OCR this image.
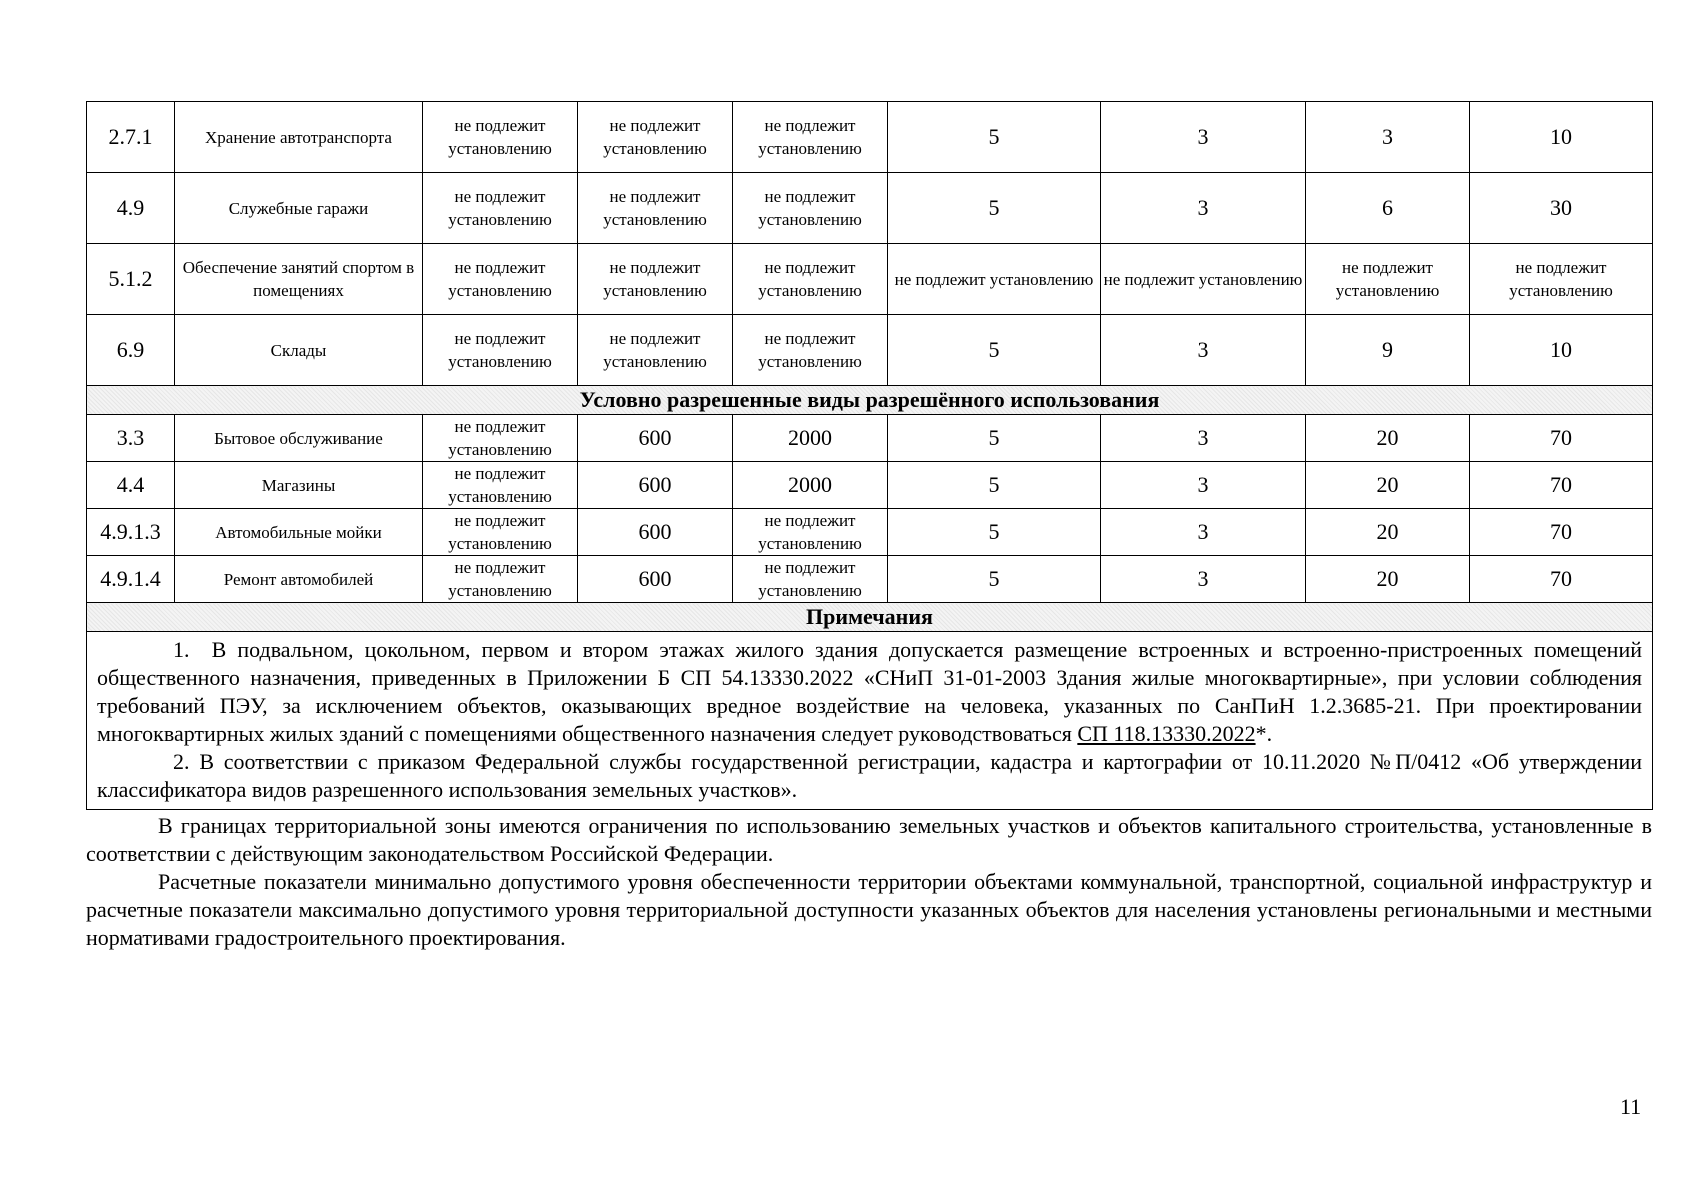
2.7.1	Хранение автотранспорта	не подлежит установлению	не подлежит установлению	не подлежит установлению	5	3	3	10
4.9	Служебные гаражи	не подлежит установлению	не подлежит установлению	не подлежит установлению	5	3	6	30
5.1.2	Обеспечение занятий спортом в помещениях	не подлежит установлению	не подлежит установлению	не подлежит установлению	не подлежит установлению	не подлежит установлению	не подлежит установлению	не подлежит установлению
6.9	Склады	не подлежит установлению	не подлежит установлению	не подлежит установлению	5	3	9	10
Условно разрешенные виды разрешённого использования								
3.3	Бытовое обслуживание	не подлежит установлению	600	2000	5	3	20	70
4.4	Магазины	не подлежит установлению	600	2000	5	3	20	70
4.9.1.3	Автомобильные мойки	не подлежит установлению	600	не подлежит установлению	5	3	20	70
4.9.1.4	Ремонт автомобилей	не подлежит установлению	600	не подлежит установлению	5	3	20	70
Примечания								

1. В подвальном, цокольном, первом и втором этажах жилого здания допускается размещение встроенных и встроенно-пристроенных помещений общественного назначения, приведенных в Приложении Б СП 54.13330.2022 «СНиП 31-01-2003 Здания жилые многоквартирные», при условии соблюдения требований ПЭУ, за исключением объектов, оказывающих вредное воздействие на человека, указанных по СанПиН 1.2.3685-21. При проектировании многоквартирных жилых зданий с помещениями общественного назначения следует руководствоваться СП 118.13330.2022*.

2. В соответствии с приказом Федеральной службы государственной регистрации, кадастра и картографии от 10.11.2020 №П/0412 «Об утверждении классификатора видов разрешенного использования земельных участков».								

В границах территориальной зоны имеются ограничения по использованию земельных участков и объектов капитального строительства, установленные в соответствии с действующим законодательством Российской Федерации.

Расчетные показатели минимально допустимого уровня обеспеченности территории объектами коммунальной, транспортной, социальной инфраструктур и расчетные показатели максимально допустимого уровня территориальной доступности указанных объектов для населения установлены региональными и местными нормативами градостроительного проектирования.

11
